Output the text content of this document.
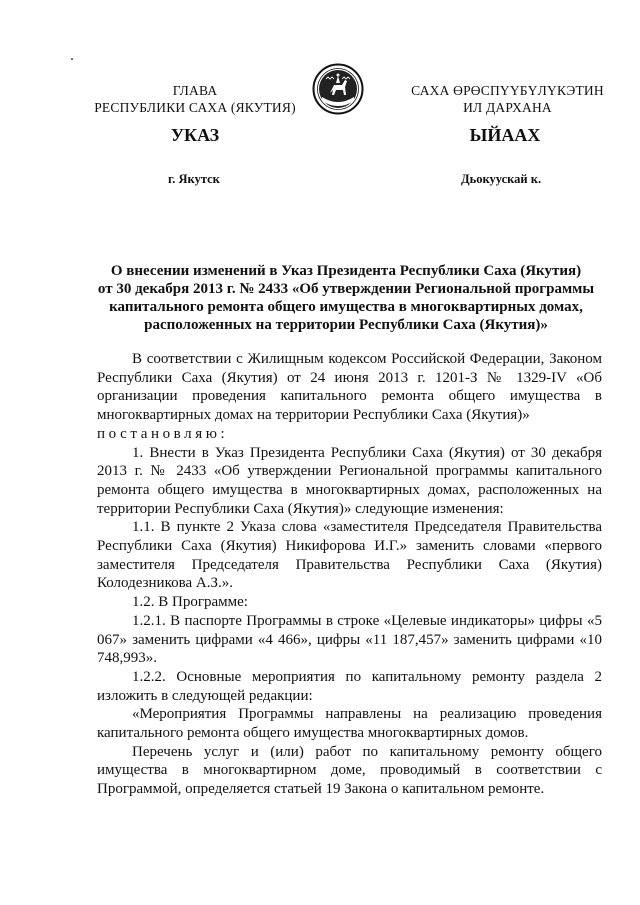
ГЛАВА
РЕСПУБЛИКИ САХА (ЯКУТИЯ)
САХА ӨРӨСПҮҮБҮЛҮКЭТИН
ИЛ ДАРХАНА
УКАЗ	ЫЙААХ
г. Якутск	Дьокуускай к.
О внесении изменений в Указ Президента Республики Саха (Якутия)
от 30 декабря 2013 г. № 2433 «Об утверждении Региональной программы
капитального ремонта общего имущества в многоквартирных домах,
расположенных на территории Республики Саха (Якутия)»

В соответствии с Жилищным кодексом Российской Федерации, Законом Республики Саха (Якутия) от 24 июня 2013 г. 1201-З № 1329-IV «Об организации проведения капитального ремонта общего имущества в многоквартирных домах на территории Республики Саха (Якутия)»

постановляю:

1. Внести в Указ Президента Республики Саха (Якутия) от 30 декабря 2013 г. № 2433 «Об утверждении Региональной программы капитального ремонта общего имущества в многоквартирных домах, расположенных на территории Республики Саха (Якутия)» следующие изменения:

1.1. В пункте 2 Указа слова «заместителя Председателя Правительства Республики Саха (Якутия) Никифорова И.Г.» заменить словами «первого заместителя Председателя Правительства Республики Саха (Якутия) Колодезникова А.З.».

1.2. В Программе:

1.2.1. В паспорте Программы в строке «Целевые индикаторы» цифры «5 067» заменить цифрами «4 466», цифры «11 187,457» заменить цифрами «10 748,993».

1.2.2. Основные мероприятия по капитальному ремонту раздела 2 изложить в следующей редакции:

«Мероприятия Программы направлены на реализацию проведения капитального ремонта общего имущества многоквартирных домов.

Перечень услуг и (или) работ по капитальному ремонту общего имущества в многоквартирном доме, проводимый в соответствии с Программой, определяется статьей 19 Закона о капитальном ремонте.
